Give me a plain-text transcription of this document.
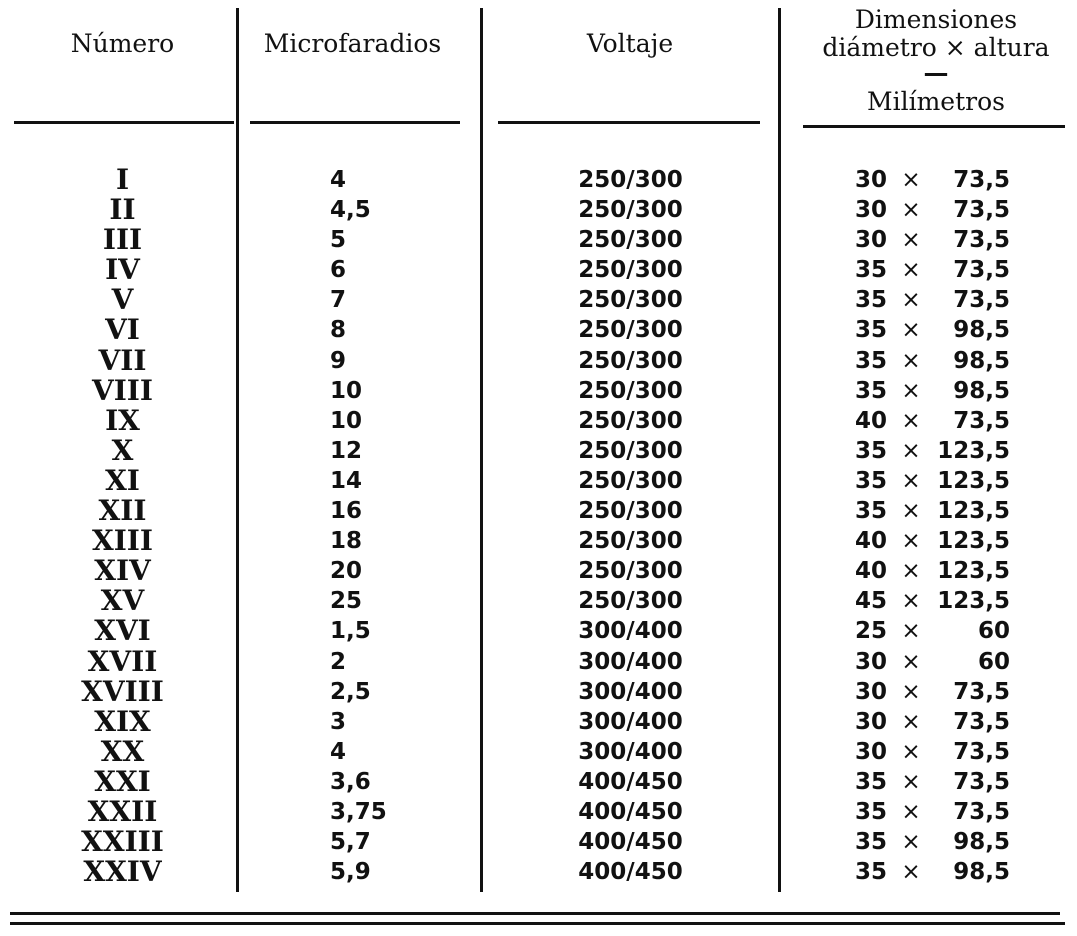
Número	Microfaradios	Voltaje
Dimensiones
diámetro × altura
—
Milímetros
I	4	250/300	30 ×	73,5
II	4,5	250/300	30 ×	73,5
III	5	250/300	30 ×	73,5
IV	6	250/300	35 ×	73,5
V	7	250/300	35 ×	73,5
VI	8	250/300	35 ×	98,5
VII	9	250/300	35 ×	98,5
VIII	10	250/300	35 ×	98,5
IX	10	250/300	40 ×	73,5
X	12	250/300	35 × 123,5
XI	14	250/300	35 × 123,5
XII	16	250/300	35 × 123,5
XIII	18	250/300	40 × 123,5
XIV	20	250/300	40 × 123,5
XV	25	250/300	45 × 123,5
XVI	1,5	300/400	25 ×	60
XVII	2	300/400	30 ×	60
XVIII	2,5	300/400	30 ×	73,5
XIX	3	300/400	30 ×	73,5
XX	4	300/400	30 ×	73,5
XXI	3,6	400/450	35 ×	73,5
XXII	3,75	400/450	35 ×	73,5
XXIII	5,7	400/450	35 ×	98,5
XXIV	5,9	400/450	35 ×	98,5
